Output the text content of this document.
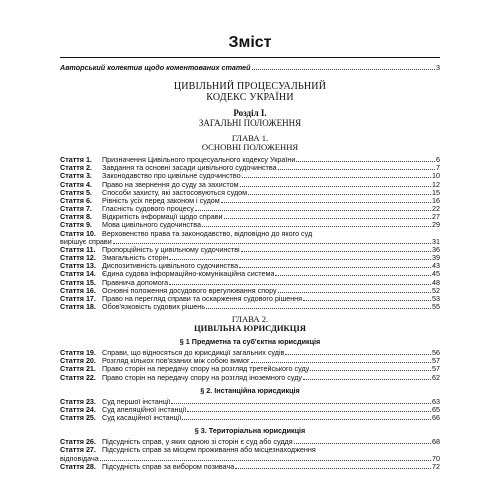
Зміст
Авторський колектив щодо коментованих статей	3
ЦИВІЛЬНИЙ ПРОЦЕСУАЛЬНИЙ
КОДЕКС УКРАЇНИ
Розділ І.
ЗАГАЛЬНІ ПОЛОЖЕННЯ
ГЛАВА 1.
ОСНОВНІ ПОЛОЖЕННЯ
Стаття 1.	Призначення Цивільного процесуального кодексу України	6
Стаття 2.	Завдання та основні засади цивільного судочинства	7
Стаття 3.	Законодавство про цивільне судочинство	10
Стаття 4.	Право на звернення до суду за захистом	12
Стаття 5.	Способи захисту, які застосовуються судом	15
Стаття 6.	Рівність усіх перед законом і судом	16
Стаття 7.	Гласність судового процесу	22
Стаття 8.	Відкритість інформації щодо справи	27
Стаття 9.	Мова цивільного судочинства	29
Стаття 10. Верховенство права та законодавство, відповідно до якого суд
вирішує справи	31
Стаття 11. Пропорційність у цивільному судочинстві	36
Стаття 12. Змагальність сторін	39
Стаття 13. Диспозитивність цивільного судочинства	43
Стаття 14. Єдина судова інформаційно-комунікаційна система	45
Стаття 15. Правнича допомога	48
Стаття 16. Основні положення досудового врегулювання спору	52
Стаття 17. Право на перегляд справи та оскарження судового рішення	53
Стаття 18. Обов'язковість судових рішень	55
ГЛАВА 2.
ЦИВІЛЬНА ЮРИСДИКЦІЯ
§ 1 Предметна та суб'єктна юрисдикція
Стаття 19. Справи, що відносяться до юрисдикції загальних судів	56
Стаття 20. Розгляд кількох пов'язаних між собою вимог	57
Стаття 21. Право сторін на передачу спору на розгляд третейського суду	57
Стаття 22. Право сторін на передачу спору на розгляд іноземного суду	62
§ 2. Інстанційна юрисдикція
Стаття 23. Суд першої інстанції	63
Стаття 24. Суд апеляційної інстанції	65
Стаття 25. Суд касаційної інстанції	66
§ 3. Територіальна юрисдикція
Стаття 26. Підсудність справ, у яких одною зі сторін є суд або суддя	68
Стаття 27. Підсудність справ за місцем проживання або місцезнаходження
відповідача	70
Стаття 28. Підсудність справ за вибором позивача	72
